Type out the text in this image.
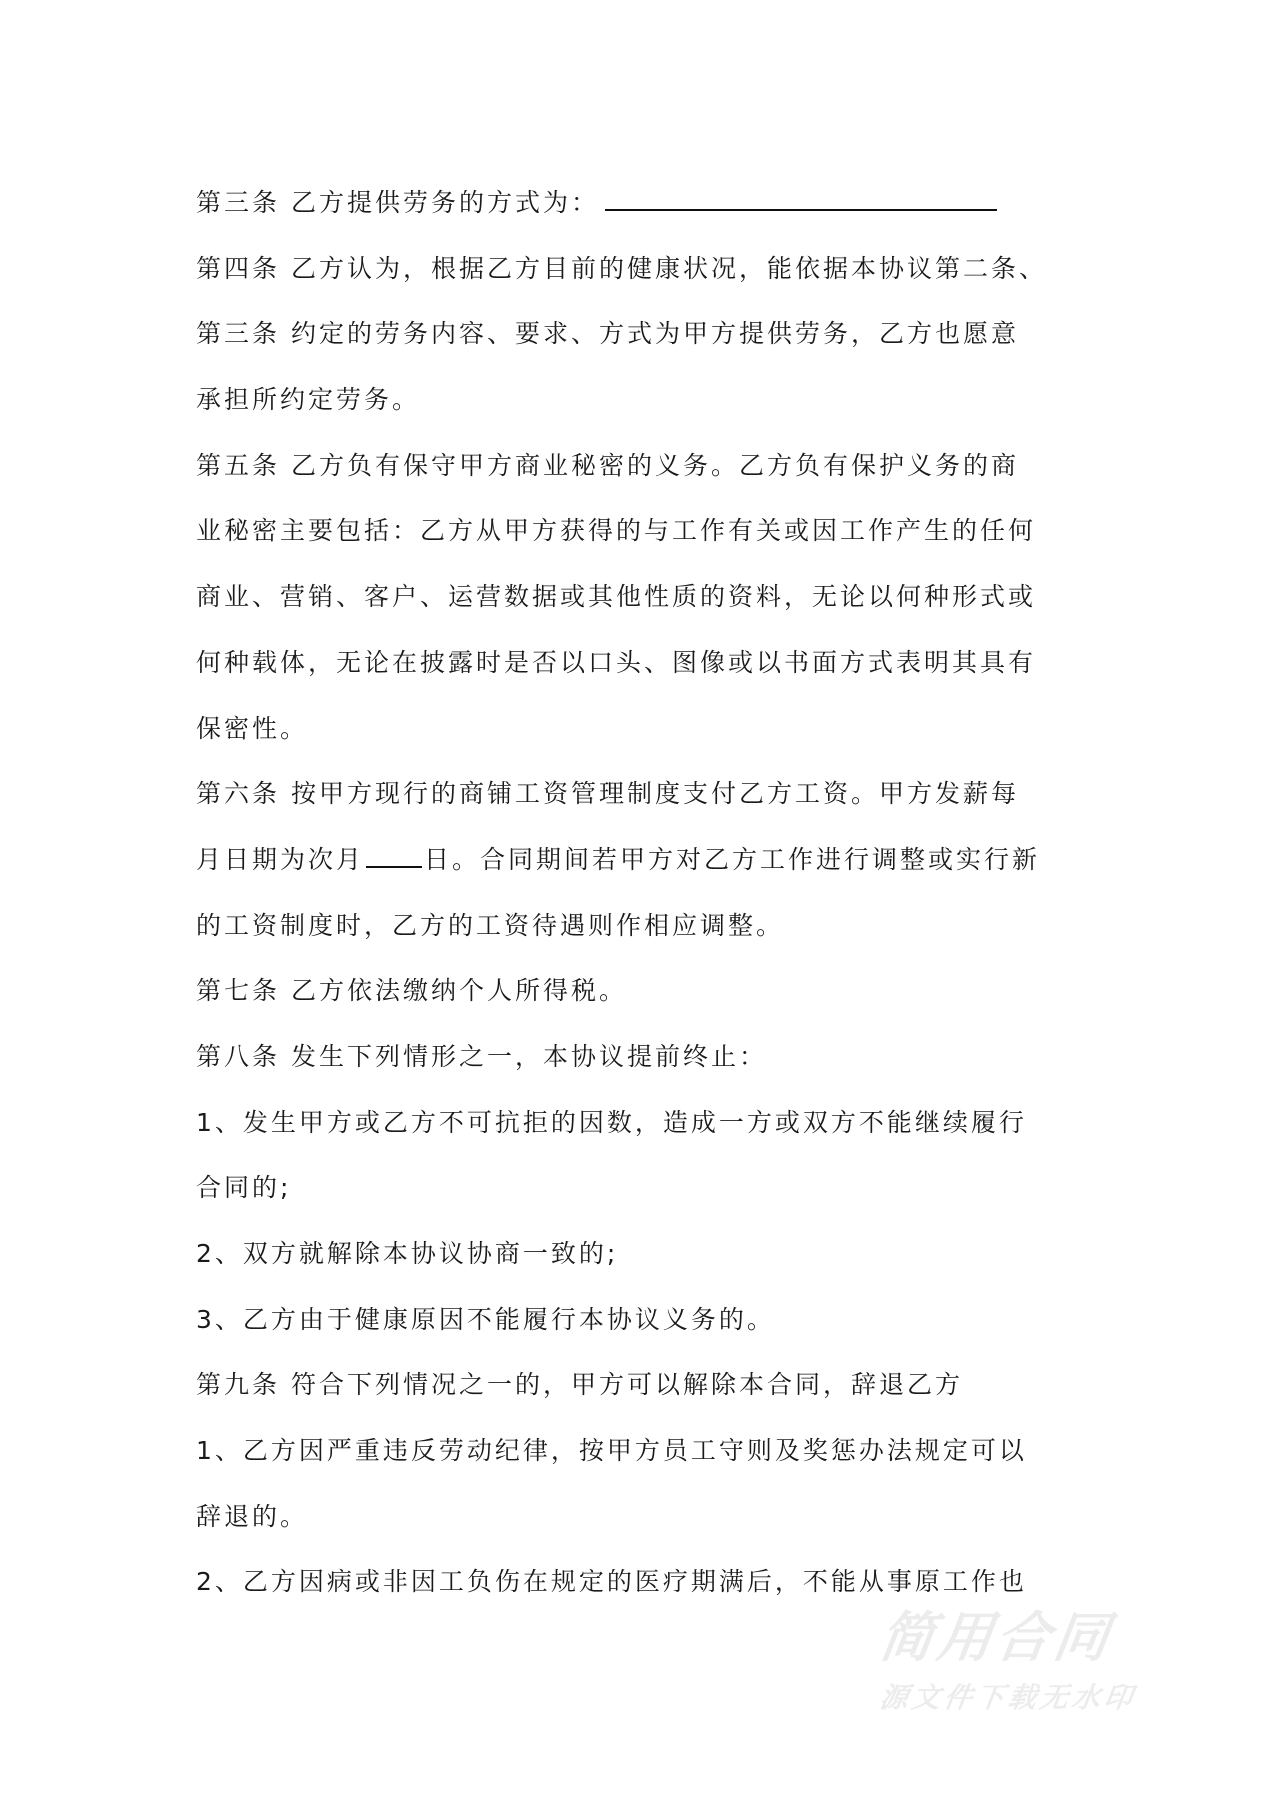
第三条 乙方提供劳务的方式为：
第四条 乙方认为，根据乙方目前的健康状况，能依据本协议第二条、
第三条 约定的劳务内容、要求、方式为甲方提供劳务，乙方也愿意
承担所约定劳务。
第五条 乙方负有保守甲方商业秘密的义务。乙方负有保护义务的商
业秘密主要包括：乙方从甲方获得的与工作有关或因工作产生的任何
商业、营销、客户、运营数据或其他性质的资料，无论以何种形式或
何种载体，无论在披露时是否以口头、图像或以书面方式表明其具有
保密性。
第六条 按甲方现行的商铺工资管理制度支付乙方工资。甲方发薪每
月日期为次月 日。合同期间若甲方对乙方工作进行调整或实行新
的工资制度时，乙方的工资待遇则作相应调整。
第七条 乙方依法缴纳个人所得税。
第八条 发生下列情形之一，本协议提前终止：
1、发生甲方或乙方不可抗拒的因数，造成一方或双方不能继续履行
合同的;
2、双方就解除本协议协商一致的;
3、乙方由于健康原因不能履行本协议义务的。
第九条 符合下列情况之一的，甲方可以解除本合同，辞退乙方
1、乙方因严重违反劳动纪律，按甲方员工守则及奖惩办法规定可以
辞退的。
2、乙方因病或非因工负伤在规定的医疗期满后，不能从事原工作也
简用合同
源文件下载无水印
